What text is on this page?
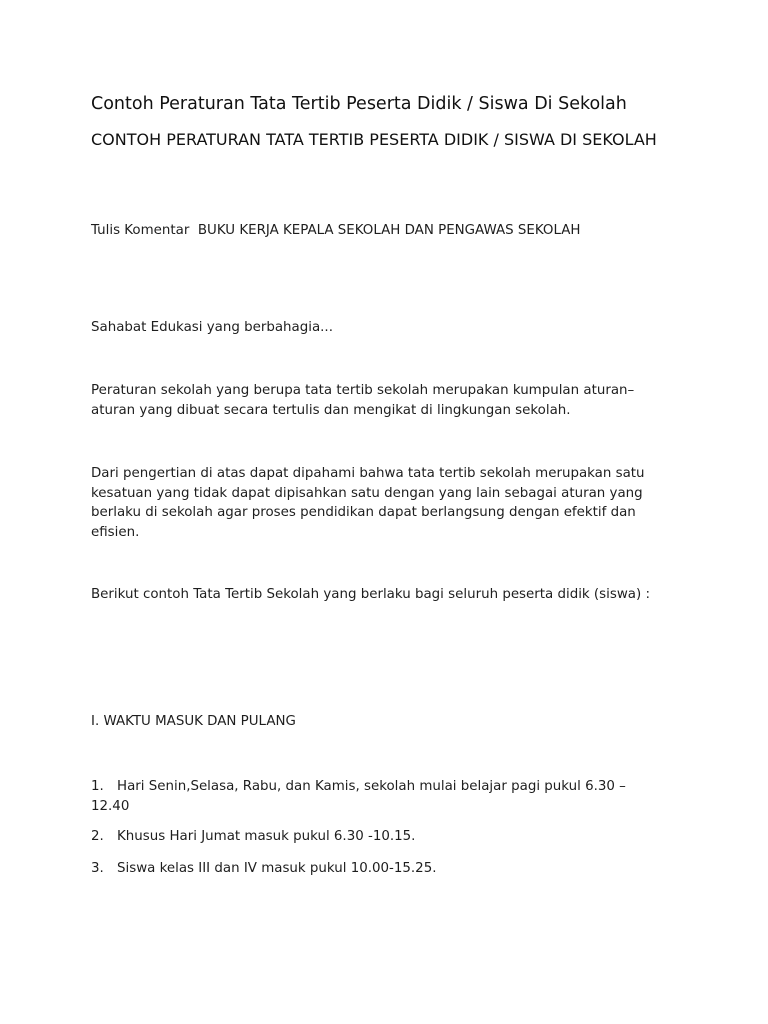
Contoh Peraturan Tata Tertib Peserta Didik / Siswa Di Sekolah
CONTOH PERATURAN TATA TERTIB PESERTA DIDIK / SISWA DI SEKOLAH

Tulis Komentar  BUKU KERJA KEPALA SEKOLAH DAN PENGAWAS SEKOLAH

Sahabat Edukasi yang berbahagia...

Peraturan sekolah yang berupa tata tertib sekolah merupakan kumpulan aturan–aturan yang dibuat secara tertulis dan mengikat di lingkungan sekolah.

Dari pengertian di atas dapat dipahami bahwa tata tertib sekolah merupakan satu kesatuan yang tidak dapat dipisahkan satu dengan yang lain sebagai aturan yang berlaku di sekolah agar proses pendidikan dapat berlangsung dengan efektif dan efisien.

Berikut contoh Tata Tertib Sekolah yang berlaku bagi seluruh peserta didik (siswa) :

I. WAKTU MASUK DAN PULANG

1. Hari Senin,Selasa, Rabu, dan Kamis, sekolah mulai belajar pagi pukul 6.30 – 12.40

2. Khusus Hari Jumat masuk pukul 6.30 -10.15.

3. Siswa kelas III dan IV masuk pukul 10.00-15.25.
